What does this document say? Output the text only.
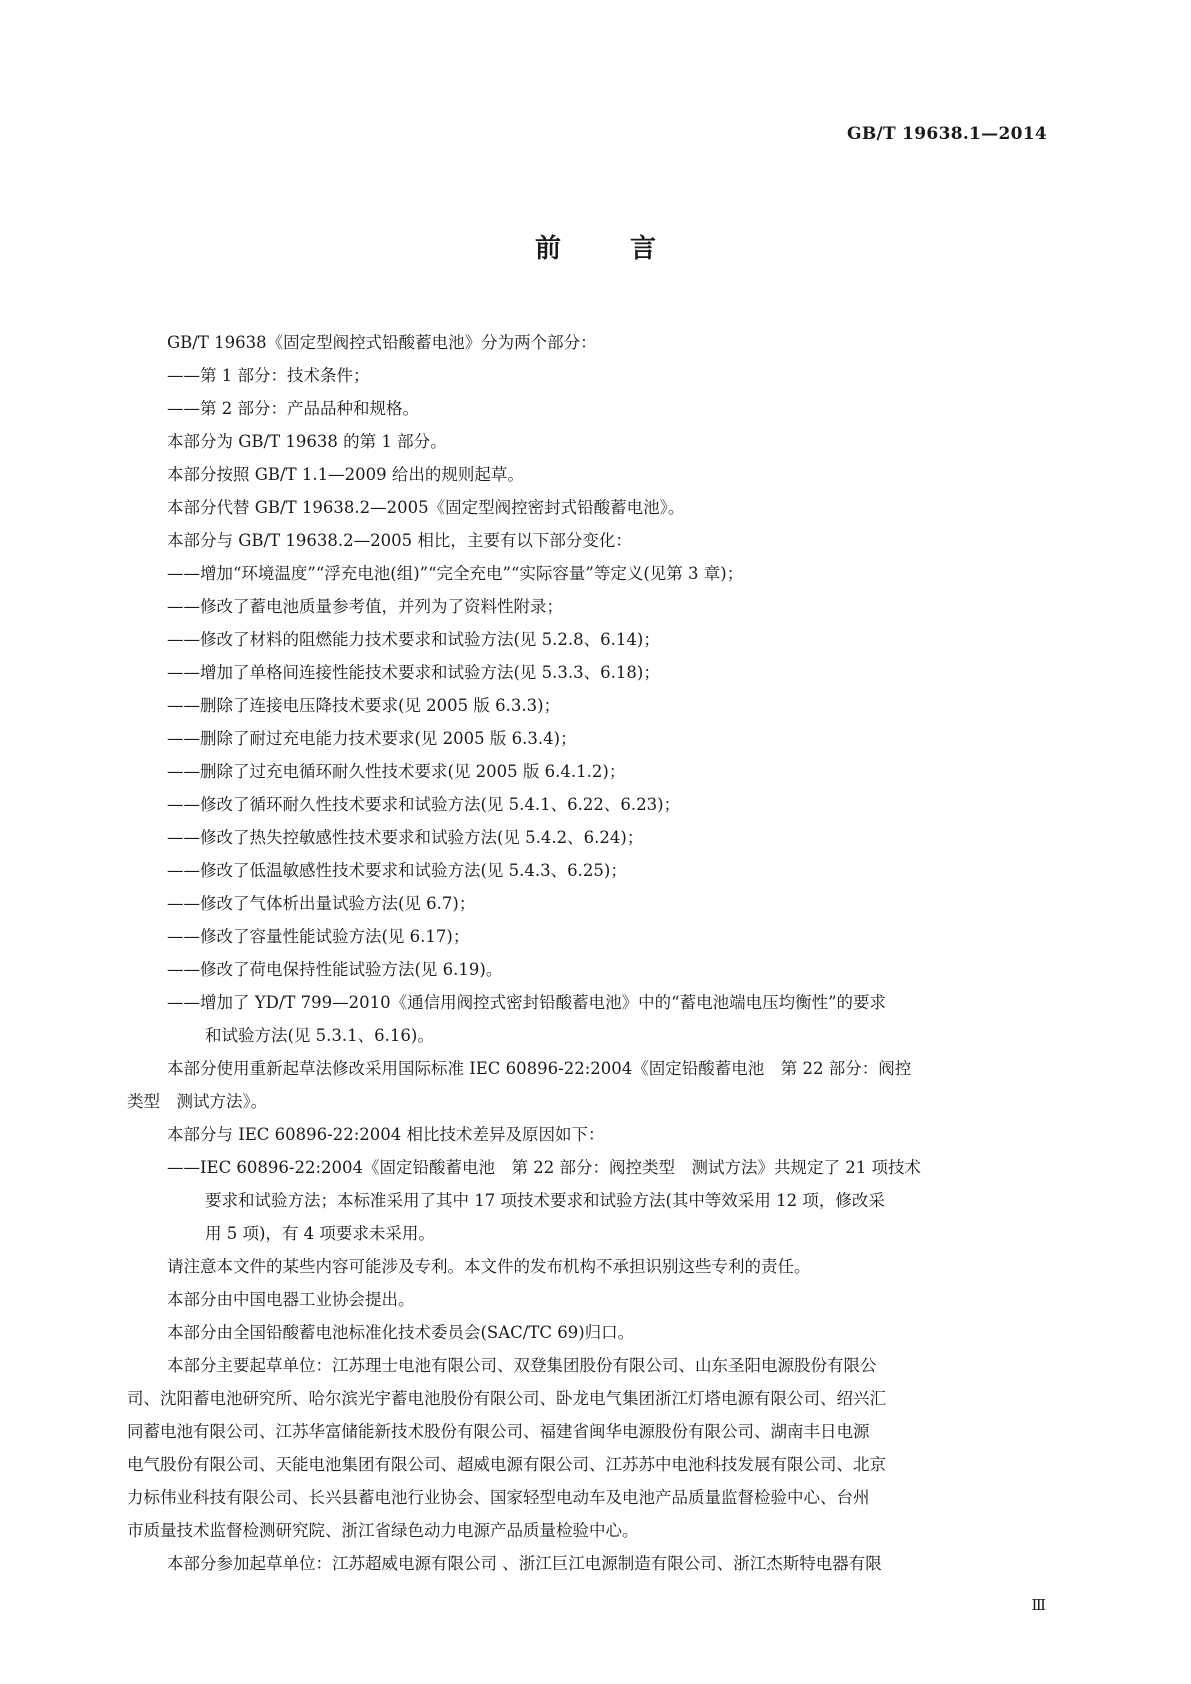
GB/T 19638.1—2014
前 言
GB/T 19638《固定型阀控式铅酸蓄电池》分为两个部分：
——第 1 部分：技术条件；
——第 2 部分：产品品种和规格。
本部分为 GB/T 19638 的第 1 部分。
本部分按照 GB/T 1.1—2009 给出的规则起草。
本部分代替 GB/T 19638.2—2005《固定型阀控密封式铅酸蓄电池》。
本部分与 GB/T 19638.2—2005 相比，主要有以下部分变化：
——增加“环境温度”“浮充电池(组)”“完全充电”“实际容量”等定义(见第 3 章)；
——修改了蓄电池质量参考值，并列为了资料性附录；
——修改了材料的阻燃能力技术要求和试验方法(见 5.2.8、6.14)；
——增加了单格间连接性能技术要求和试验方法(见 5.3.3、6.18)；
——删除了连接电压降技术要求(见 2005 版 6.3.3)；
——删除了耐过充电能力技术要求(见 2005 版 6.3.4)；
——删除了过充电循环耐久性技术要求(见 2005 版 6.4.1.2)；
——修改了循环耐久性技术要求和试验方法(见 5.4.1、6.22、6.23)；
——修改了热失控敏感性技术要求和试验方法(见 5.4.2、6.24)；
——修改了低温敏感性技术要求和试验方法(见 5.4.3、6.25)；
——修改了气体析出量试验方法(见 6.7)；
——修改了容量性能试验方法(见 6.17)；
——修改了荷电保持性能试验方法(见 6.19)。
——增加了 YD/T 799—2010《通信用阀控式密封铅酸蓄电池》中的“蓄电池端电压均衡性”的要求
和试验方法(见 5.3.1、6.16)。
本部分使用重新起草法修改采用国际标准 IEC 60896-22:2004《固定铅酸蓄电池　第 22 部分：阀控
类型　测试方法》。
本部分与 IEC 60896-22:2004 相比技术差异及原因如下：
——IEC 60896-22:2004《固定铅酸蓄电池　第 22 部分：阀控类型　测试方法》共规定了 21 项技术
要求和试验方法；本标准采用了其中 17 项技术要求和试验方法(其中等效采用 12 项，修改采
用 5 项)，有 4 项要求未采用。
请注意本文件的某些内容可能涉及专利。本文件的发布机构不承担识别这些专利的责任。
本部分由中国电器工业协会提出。
本部分由全国铅酸蓄电池标准化技术委员会(SAC/TC 69)归口。
本部分主要起草单位：江苏理士电池有限公司、双登集团股份有限公司、山东圣阳电源股份有限公
司、沈阳蓄电池研究所、哈尔滨光宇蓄电池股份有限公司、卧龙电气集团浙江灯塔电源有限公司、绍兴汇
同蓄电池有限公司、江苏华富储能新技术股份有限公司、福建省闽华电源股份有限公司、湖南丰日电源
电气股份有限公司、天能电池集团有限公司、超威电源有限公司、江苏苏中电池科技发展有限公司、北京
力标伟业科技有限公司、长兴县蓄电池行业协会、国家轻型电动车及电池产品质量监督检验中心、台州
市质量技术监督检测研究院、浙江省绿色动力电源产品质量检验中心。
本部分参加起草单位：江苏超威电源有限公司 、浙江巨江电源制造有限公司、浙江杰斯特电器有限
Ⅲ
